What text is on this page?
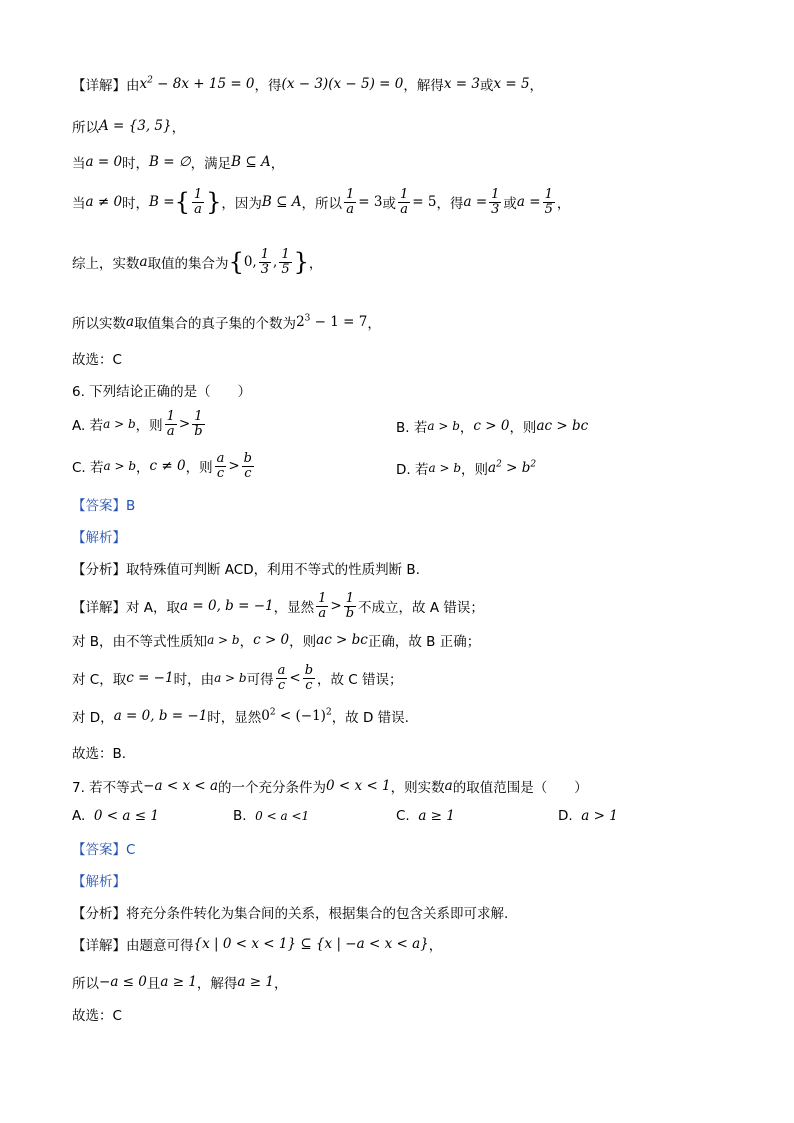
【详解】由 $x^2 - 8x + 15 = 0$ ，得 (x − 3)(x − 5) = 0 ，解得 x = 3 或 x = 5 ，
所以 A = {3, 5} ，
当 a = 0 时， B = ∅ ，满足 B ⊆ A ，
当 a ≠ 0 时， B = { 1
a } ，因为 B ⊆ A ，所以 $\frac{1}{a} = 3$ 或 $\frac{1}{a} = 5$ ，得 $a = \frac{1}{3}$ 或 $a = \frac{1}{5}$ ，
综上，实数 a 取值的集合为 { 0, 1
3 , 1
5 } ，
所以实数 a 取值集合的真子集的个数为 $2^3 - 1 = 7$ ，
故选：C
6. 下列结论正确的是（　　）
A. 若 a > b ，则
1
a > 1
b	B. 若 a > b ， c > 0 ，则 ac > bc
C. 若 a > b ， c ≠ 0 ，则
a
c > b
c	D. 若 a > b ，则 $a^2 > b^2$
【答案】B
【解析】
【分析】取特殊值可判断 ACD，利用不等式的性质判断 B.
【详解】对 A，取 a = 0, b = −1 ，显然
1
a > 1
b 不成立，故 A 错误；
对 B，由不等式性质知 a > b ， c > 0 ，则 ac > bc 正确，故 B 正确；
对 C，取 c = −1 时，由 a > b 可得
a
c < b
c ，故 C 错误；
对 D， a = 0, b = −1 时，显然 $0^2 < (-1)^2$ ，故 D 错误.
故选：B.
7. 若不等式 −a < x < a 的一个充分条件为 0 < x < 1 ，则实数 a 的取值范围是（　　）
A.
0 < a ≤ 1	B.
0 < a <1	C.
a ≥ 1	D.
a > 1
【答案】C
【解析】
【分析】将充分条件转化为集合间的关系，根据集合的包含关系即可求解.
【详解】由题意可得 {x | 0 < x < 1} ⊆ {x | −a < x < a} ，
所以 −a ≤ 0 且 a ≥ 1 ，解得 a ≥ 1 ，
故选：C
